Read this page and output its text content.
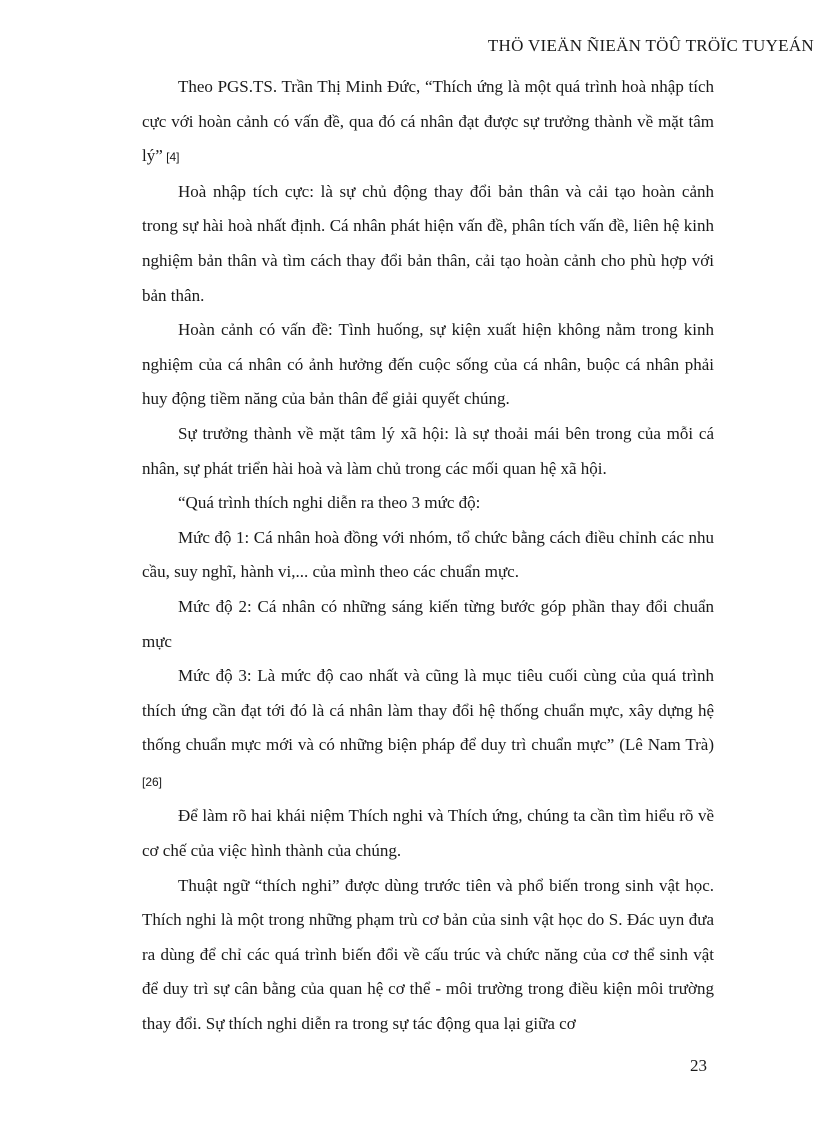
THÖ VIEÄN ÑIEÄN TÖÛ TRÖÏC TUYEÁN

Theo PGS.TS. Trần Thị Minh Đức, “Thích ứng là một quá trình hoà nhập tích cực với hoàn cảnh có vấn đề, qua đó cá nhân đạt được sự trưởng thành về mặt tâm lý” [4]

Hoà nhập tích cực: là sự chủ động thay đổi bản thân và cải tạo hoàn cảnh trong sự hài hoà nhất định. Cá nhân phát hiện vấn đề, phân tích vấn đề, liên hệ kinh nghiệm bản thân và tìm cách thay đổi bản thân, cải tạo hoàn cảnh cho phù hợp với bản thân.

Hoàn cảnh có vấn đề: Tình huống, sự kiện xuất hiện không nằm trong kinh nghiệm của cá nhân có ảnh hưởng đến cuộc sống của cá nhân, buộc cá nhân phải huy động tiềm năng của bản thân để giải quyết chúng.

Sự trưởng thành về mặt tâm lý xã hội: là sự thoải mái bên trong của mỗi cá nhân, sự phát triển hài hoà và làm chủ trong các mối quan hệ xã hội.

“Quá trình thích nghi diễn ra theo 3 mức độ:

Mức độ 1: Cá nhân hoà đồng với nhóm, tổ chức bằng cách điều chỉnh các nhu cầu, suy nghĩ, hành vi,... của mình theo các chuẩn mực.

Mức độ 2: Cá nhân có những sáng kiến từng bước góp phần thay đổi chuẩn mực

Mức độ 3: Là mức độ cao nhất và cũng là mục tiêu cuối cùng của quá trình thích ứng cần đạt tới đó là cá nhân làm thay đổi hệ thống chuẩn mực, xây dựng hệ thống chuẩn mực mới và có những biện pháp để duy trì chuẩn mực” (Lê Nam Trà) [26]

Để làm rõ hai khái niệm Thích nghi và Thích ứng, chúng ta cần tìm hiểu rõ về cơ chế của việc hình thành của chúng.

Thuật ngữ “thích nghi” được dùng trước tiên và phổ biến trong sinh vật học. Thích nghi là một trong những phạm trù cơ bản của sinh vật học do S. Đác uyn đưa ra dùng để chỉ các quá trình biến đổi về cấu trúc và chức năng của cơ thể sinh vật để duy trì sự cân bằng của quan hệ cơ thể - môi trường trong điều kiện môi trường thay đổi. Sự thích nghi diễn ra trong sự tác động qua lại giữa cơ

23
